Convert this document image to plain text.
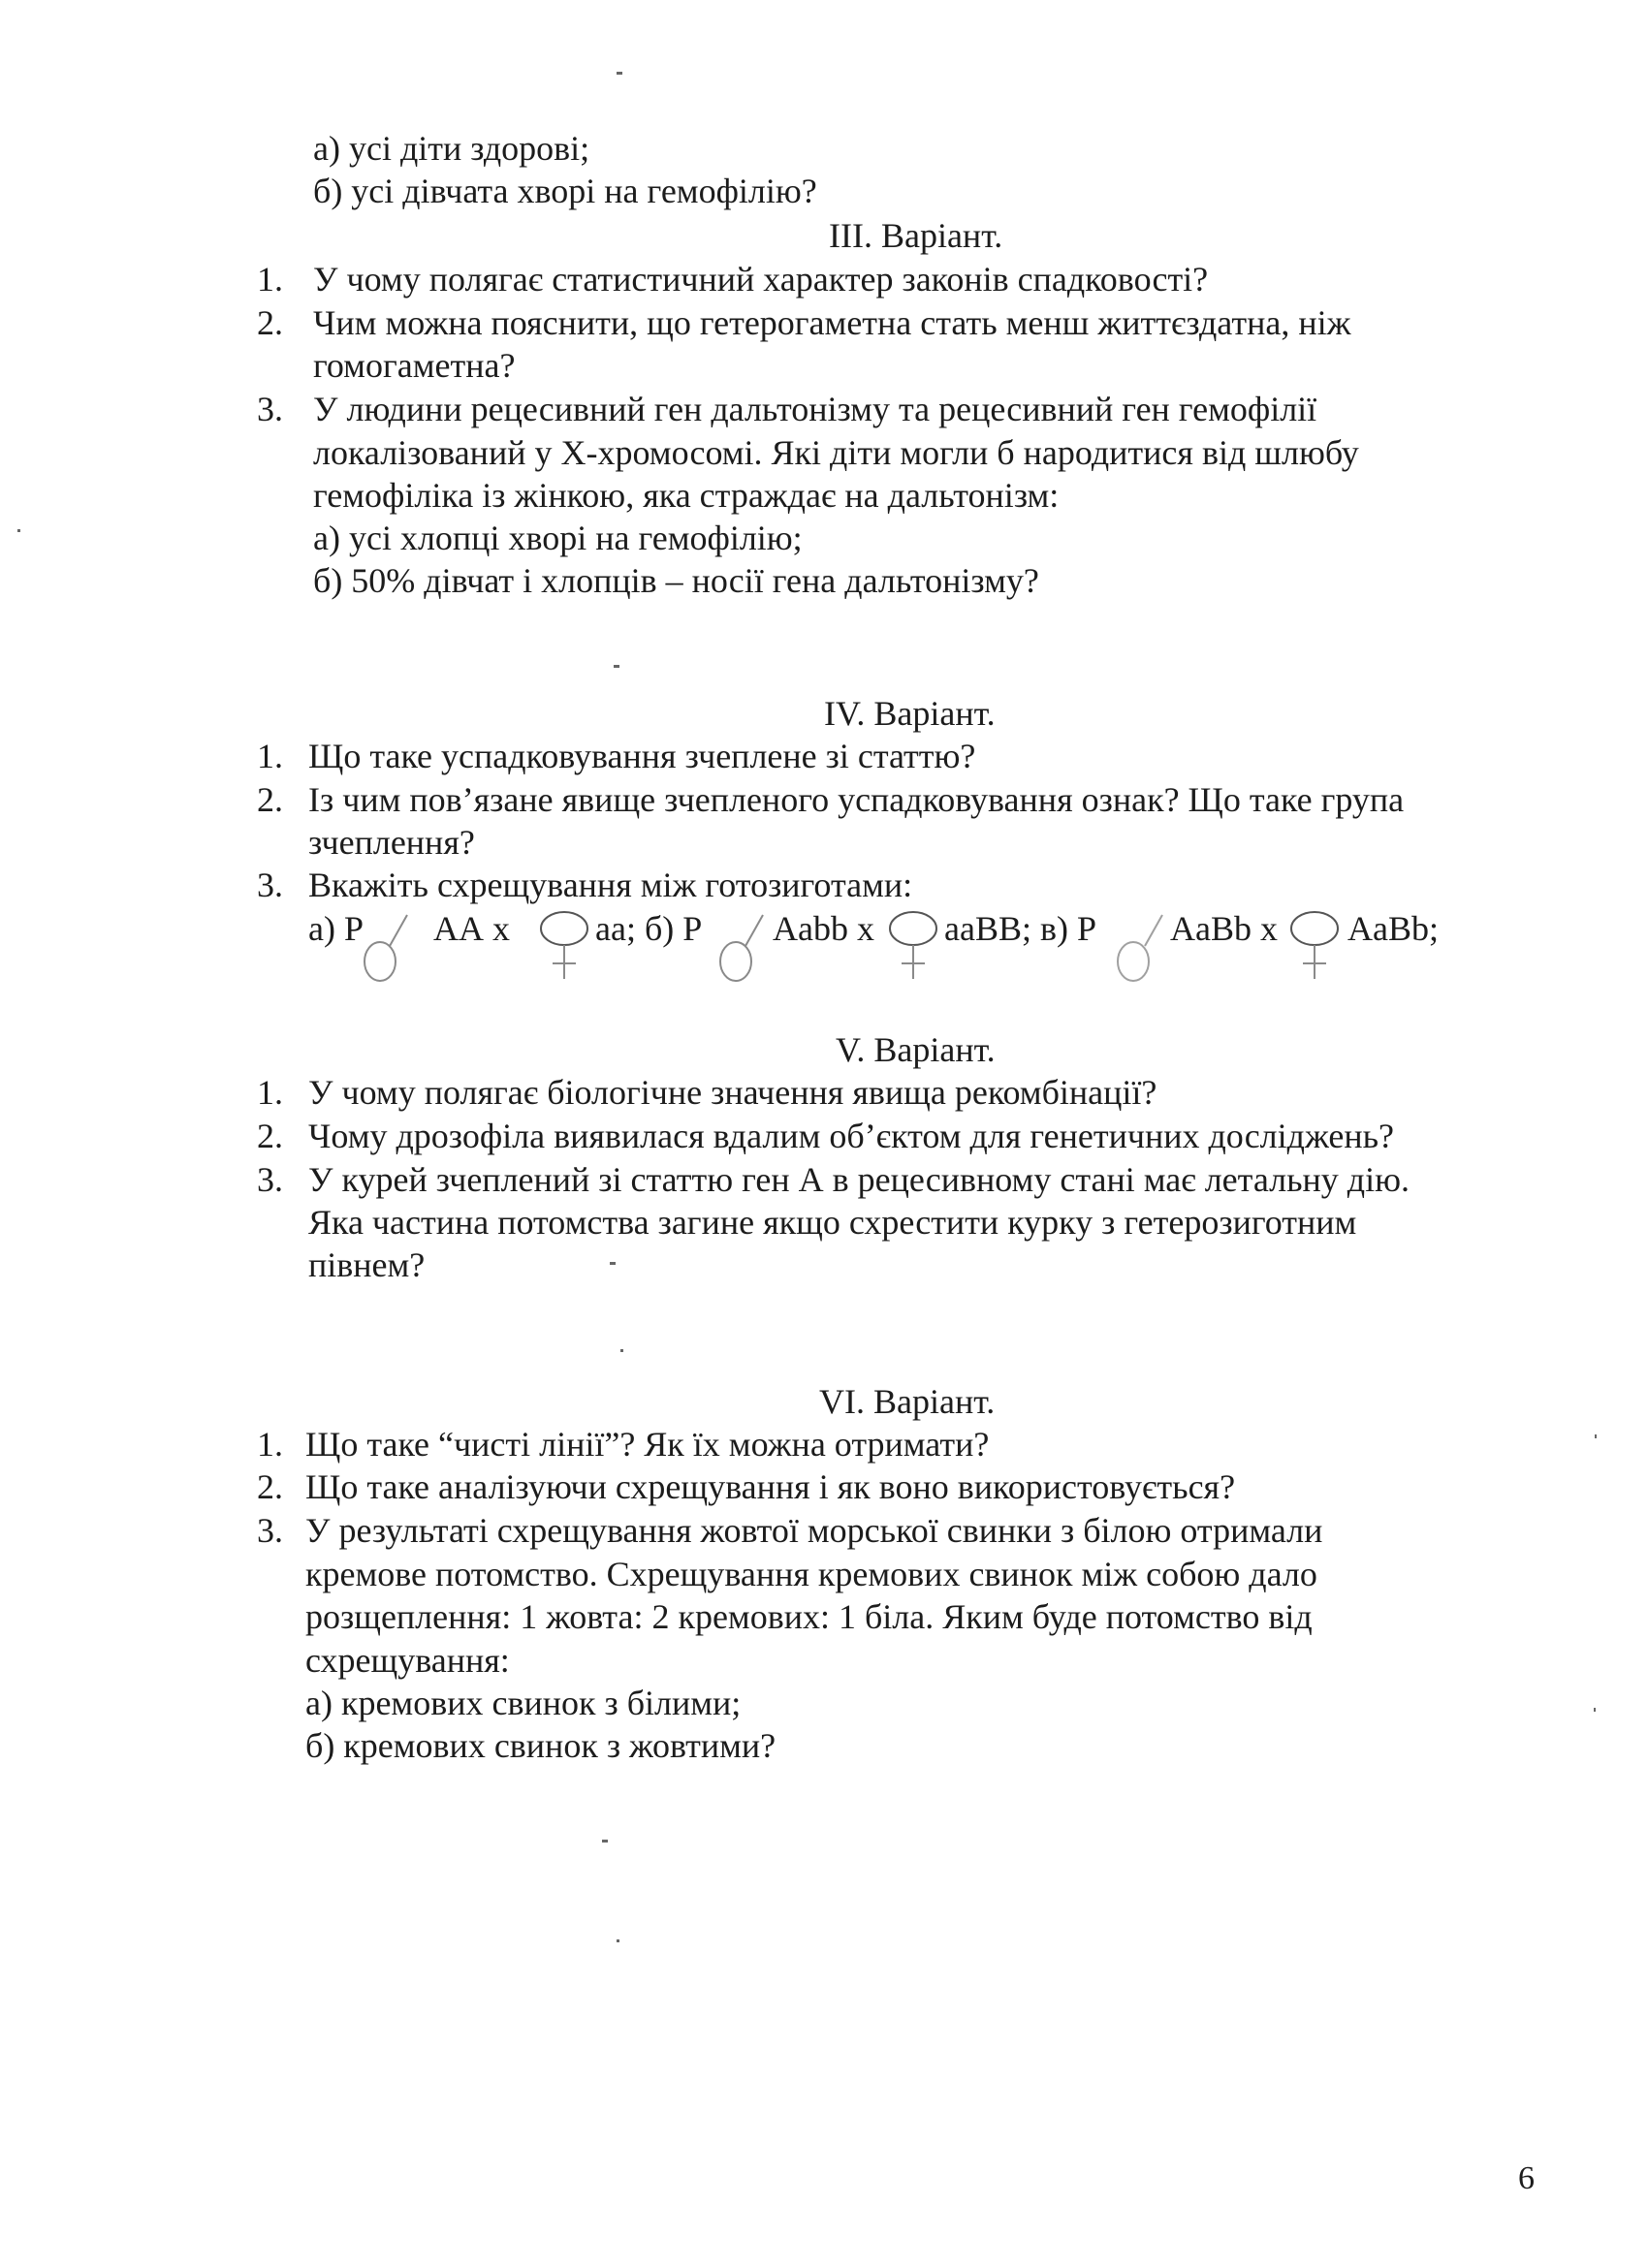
а) усі діти здорові;
б) усі дівчата хворі на гемофілію?
III. Варіант.
1. У чому полягає статистичний характер законів спадковості?
2. Чим можна пояснити, що гетерогаметна стать менш життєздатна, ніж
гомогаметна?
3. У людини рецесивний ген дальтонізму та рецесивний ген гемофілії
локалізований у Х-хромосомі. Які діти могли б народитися від шлюбу
гемофіліка із жінкою, яка страждає на дальтонізм:
а) усі хлопці хворі на гемофілію;
б) 50% дівчат і хлопців – носії гена дальтонізму?
IV. Варіант.
1. Що таке успадковування зчеплене зі статтю?
2. Із чим пов’язане явище зчепленого успадковування ознак? Що таке група
зчеплення?
3. Вкажіть схрещування між готозиготами:
а) Р АА х аа; б) Р Aabb х aaBB; в) Р AaBb х AaBb;
V. Варіант.
1. У чому полягає біологічне значення явища рекомбінації?
2. Чому дрозофіла виявилася вдалим об’єктом для генетичних досліджень?
3. У курей зчеплений зі статтю ген А в рецесивному стані має летальну дію.
Яка частина потомства загине якщо схрестити курку з гетерозиготним
півнем?
VI. Варіант.
1. Що таке “чисті лінії”? Як їх можна отримати?
2. Що таке аналізуючи схрещування і як воно використовується?
3. У результаті схрещування жовтої морської свинки з білою отримали
кремове потомство. Схрещування кремових свинок між собою дало
розщеплення: 1 жовта: 2 кремових: 1 біла. Яким буде потомство від
схрещування:
а) кремових свинок з білими;
б) кремових свинок з жовтими?
6
